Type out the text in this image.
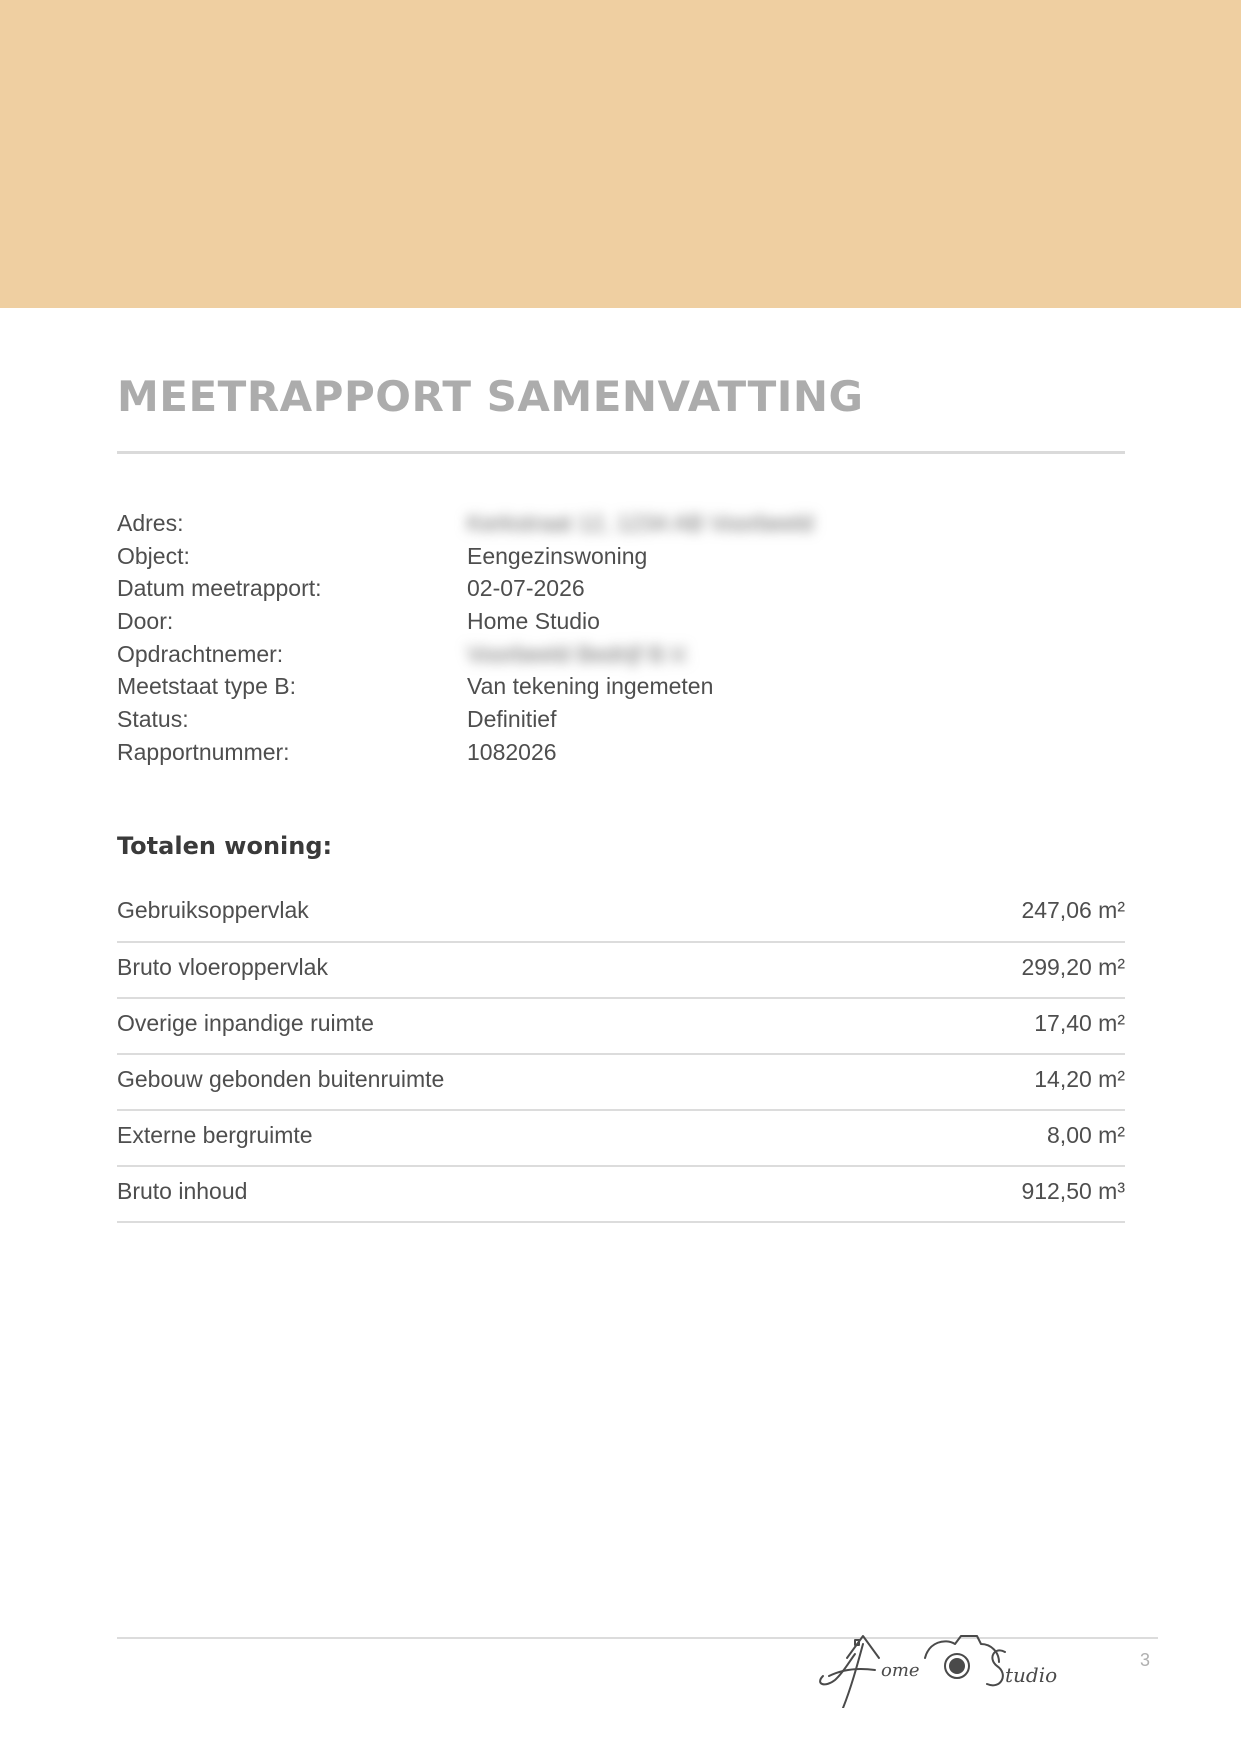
MEETRAPPORT SAMENVATTING
Adres:	Kerkstraat 12, 1234 AB Voorbeeld
Object:	Eengezinswoning
Datum meetrapport:	02-07-2026
Door:	Home Studio
Opdrachtnemer:	Voorbeeld Bedrijf B.V.
Meetstaat type B:	Van tekening ingemeten
Status:	Definitief
Rapportnummer:	1082026
Totalen woning:
Gebruiksoppervlak	247,06 m²
Bruto vloeroppervlak	299,20 m²
Overige inpandige ruimte	17,40 m²
Gebouw gebonden buitenruimte	14,20 m²
Externe bergruimte	8,00 m²
Bruto inhoud	912,50 m³
ome	tudio
3
